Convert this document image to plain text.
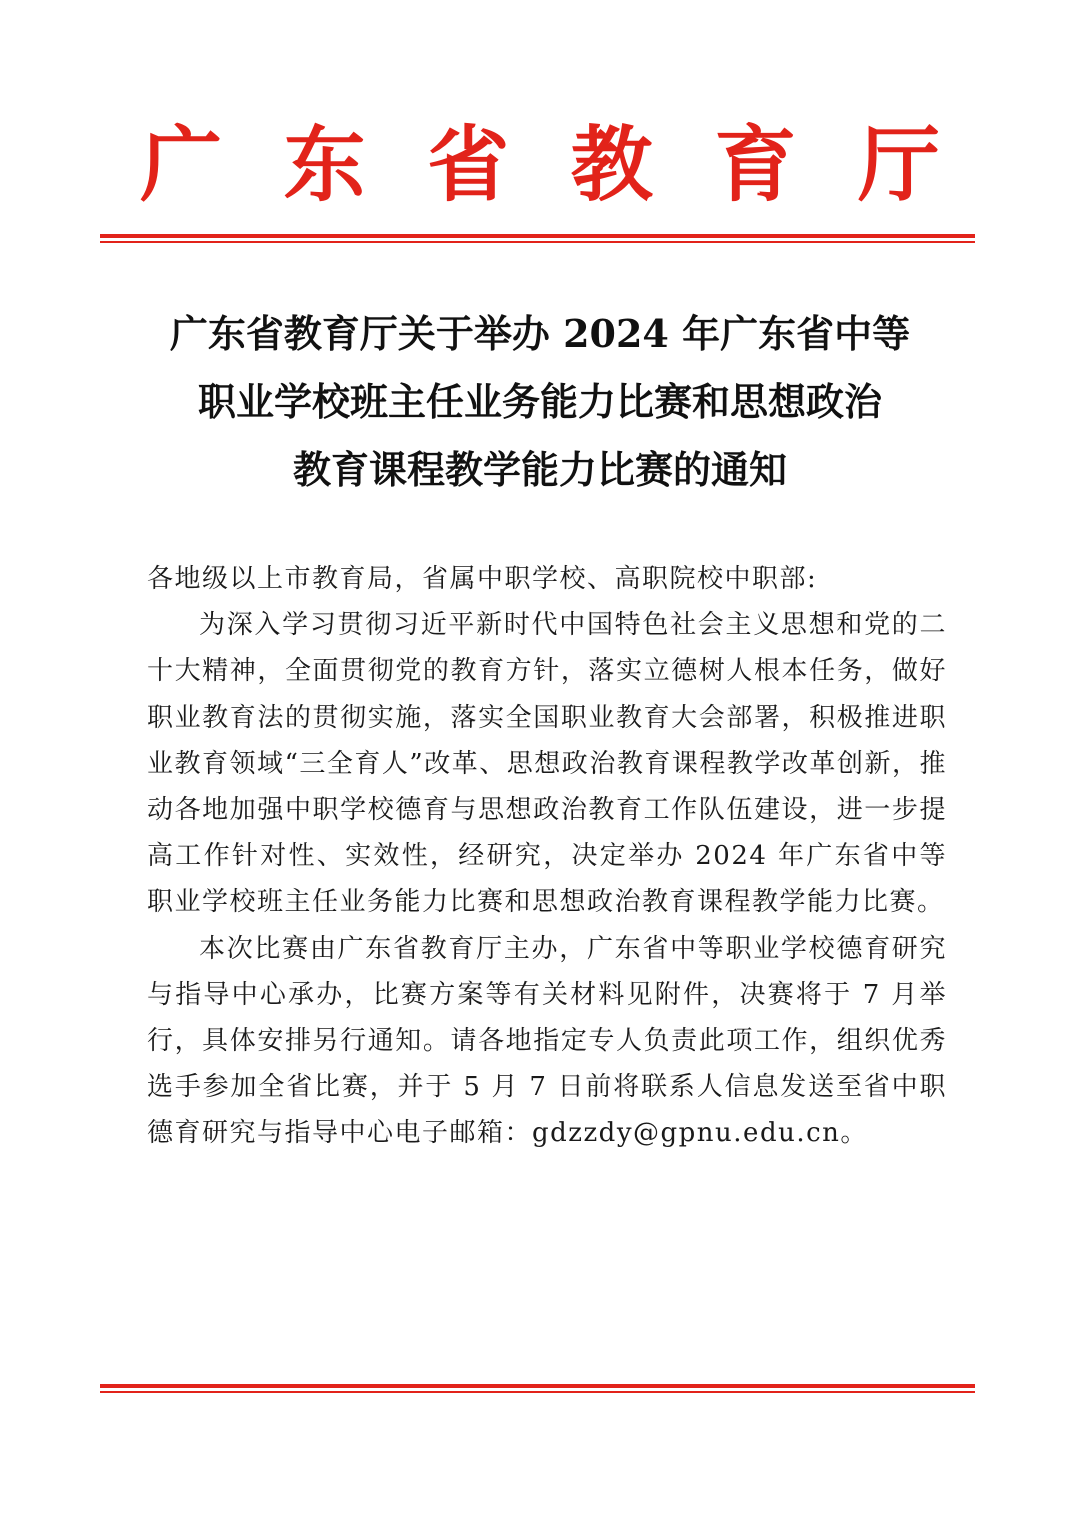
广 东 省 教 育 厅
广东省教育厅关于举办 2024 年广东省中等
职业学校班主任业务能力比赛和思想政治
教育课程教学能力比赛的通知

各地级以上市教育局，省属中职学校、高职院校中职部:

为深入学习贯彻习近平新时代中国特色社会主义思想和党的二十大精神，全面贯彻党的教育方针，落实立德树人根本任务，做好职业教育法的贯彻实施，落实全国职业教育大会部署，积极推进职业教育领域“三全育人”改革、思想政治教育课程教学改革创新，推动各地加强中职学校德育与思想政治教育工作队伍建设，进一步提高工作针对性、实效性，经研究，决定举办 2024 年广东省中等职业学校班主任业务能力比赛和思想政治教育课程教学能力比赛。

本次比赛由广东省教育厅主办，广东省中等职业学校德育研究与指导中心承办，比赛方案等有关材料见附件，决赛将于 7 月举行，具体安排另行通知。请各地指定专人负责此项工作，组织优秀选手参加全省比赛，并于 5 月 7 日前将联系人信息发送至省中职德育研究与指导中心电子邮箱：gdzzdy@gpnu.edu.cn。
